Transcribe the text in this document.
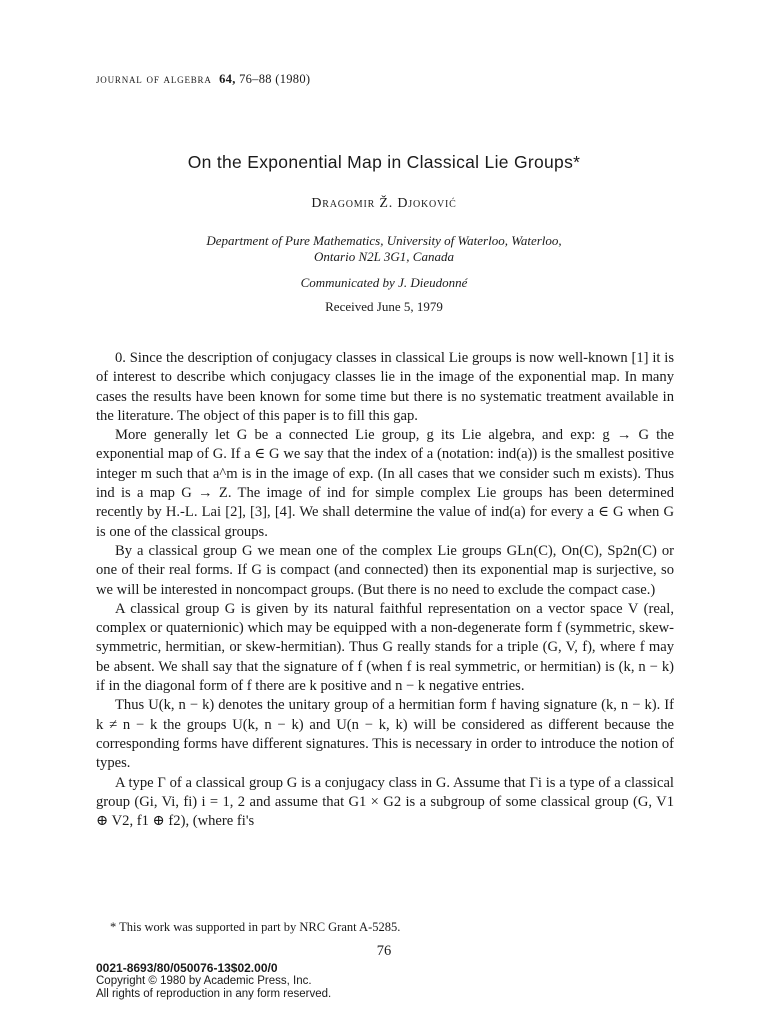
journal of algebra 64, 76–88 (1980)
On the Exponential Map in Classical Lie Groups*
Dragomir Ž. Djoković
Department of Pure Mathematics, University of Waterloo, Waterloo,
Ontario N2L 3G1, Canada
Communicated by J. Dieudonné
Received June 5, 1979

0. Since the description of conjugacy classes in classical Lie groups is now well-known [1] it is of interest to describe which conjugacy classes lie in the image of the exponential map. In many cases the results have been known for some time but there is no systematic treatment available in the literature. The object of this paper is to fill this gap.

More generally let G be a connected Lie group, g its Lie algebra, and exp: g → G the exponential map of G. If a ∈ G we say that the index of a (notation: ind(a)) is the smallest positive integer m such that a^m is in the image of exp. (In all cases that we consider such m exists). Thus ind is a map G → Z. The image of ind for simple complex Lie groups has been determined recently by H.-L. Lai [2], [3], [4]. We shall determine the value of ind(a) for every a ∈ G when G is one of the classical groups.

By a classical group G we mean one of the complex Lie groups GLn(C), On(C), Sp2n(C) or one of their real forms. If G is compact (and connected) then its exponential map is surjective, so we will be interested in noncompact groups. (But there is no need to exclude the compact case.)

A classical group G is given by its natural faithful representation on a vector space V (real, complex or quaternionic) which may be equipped with a non-degenerate form f (symmetric, skew-symmetric, hermitian, or skew-hermitian). Thus G really stands for a triple (G, V, f), where f may be absent. We shall say that the signature of f (when f is real symmetric, or hermitian) is (k, n − k) if in the diagonal form of f there are k positive and n − k negative entries.

Thus U(k, n − k) denotes the unitary group of a hermitian form f having signature (k, n − k). If k ≠ n − k the groups U(k, n − k) and U(n − k, k) will be considered as different because the corresponding forms have different signatures. This is necessary in order to introduce the notion of types.

A type Γ of a classical group G is a conjugacy class in G. Assume that Γi is a type of a classical group (Gi, Vi, fi) i = 1, 2 and assume that G1 × G2 is a subgroup of some classical group (G, V1 ⊕ V2, f1 ⊕ f2), (where fi's

* This work was supported in part by NRC Grant A-5285.
76
0021-8693/80/050076-13$02.00/0
Copyright © 1980 by Academic Press, Inc.
All rights of reproduction in any form reserved.
